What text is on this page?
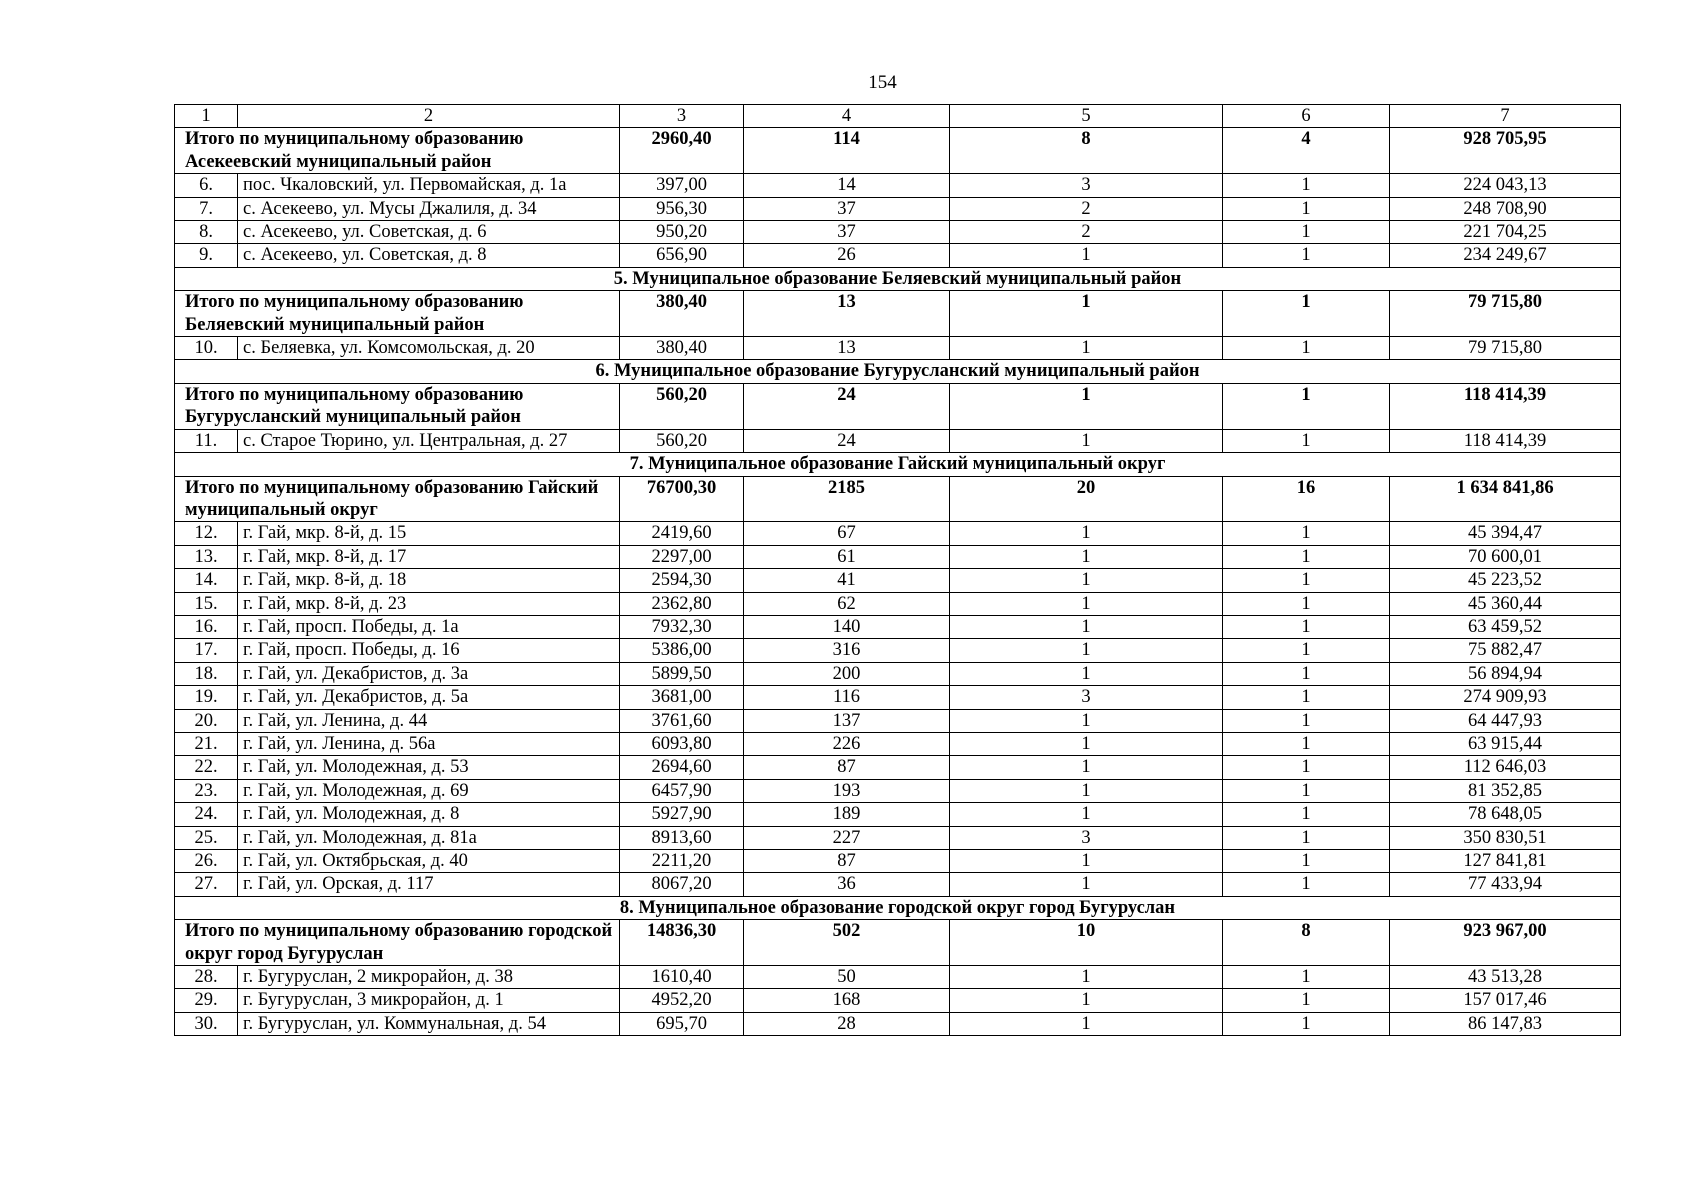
154
1	2	3	4	5	6	7
Итого по муниципальному образованию Асекеевский муниципальный район		2960,40	114	8	4	928 705,95
6.	пос. Чкаловский, ул. Первомайская, д. 1а	397,00	14	3	1	224 043,13
7.	с. Асекеево, ул. Мусы Джалиля, д. 34	956,30	37	2	1	248 708,90
8.	с. Асекеево, ул. Советская, д. 6	950,20	37	2	1	221 704,25
9.	с. Асекеево, ул. Советская, д. 8	656,90	26	1	1	234 249,67
5. Муниципальное образование Беляевский муниципальный район						
Итого по муниципальному образованию Беляевский муниципальный район		380,40	13	1	1	79 715,80
10.	с. Беляевка, ул. Комсомольская, д. 20	380,40	13	1	1	79 715,80
6. Муниципальное образование Бугурусланский муниципальный район						
Итого по муниципальному образованию Бугурусланский муниципальный район		560,20	24	1	1	118 414,39
11.	с. Старое Тюрино, ул. Центральная, д. 27	560,20	24	1	1	118 414,39
7. Муниципальное образование Гайский муниципальный округ						
Итого по муниципальному образованию Гайский муниципальный округ		76700,30	2185	20	16	1 634 841,86
12.	г. Гай, мкр. 8-й, д. 15	2419,60	67	1	1	45 394,47
13.	г. Гай, мкр. 8-й, д. 17	2297,00	61	1	1	70 600,01
14.	г. Гай, мкр. 8-й, д. 18	2594,30	41	1	1	45 223,52
15.	г. Гай, мкр. 8-й, д. 23	2362,80	62	1	1	45 360,44
16.	г. Гай, просп. Победы, д. 1а	7932,30	140	1	1	63 459,52
17.	г. Гай, просп. Победы, д. 16	5386,00	316	1	1	75 882,47
18.	г. Гай, ул. Декабристов, д. 3а	5899,50	200	1	1	56 894,94
19.	г. Гай, ул. Декабристов, д. 5а	3681,00	116	3	1	274 909,93
20.	г. Гай, ул. Ленина, д. 44	3761,60	137	1	1	64 447,93
21.	г. Гай, ул. Ленина, д. 56а	6093,80	226	1	1	63 915,44
22.	г. Гай, ул. Молодежная, д. 53	2694,60	87	1	1	112 646,03
23.	г. Гай, ул. Молодежная, д. 69	6457,90	193	1	1	81 352,85
24.	г. Гай, ул. Молодежная, д. 8	5927,90	189	1	1	78 648,05
25.	г. Гай, ул. Молодежная, д. 81а	8913,60	227	3	1	350 830,51
26.	г. Гай, ул. Октябрьская, д. 40	2211,20	87	1	1	127 841,81
27.	г. Гай, ул. Орская, д. 117	8067,20	36	1	1	77 433,94
8. Муниципальное образование городской округ город Бугуруслан						
Итого по муниципальному образованию городской округ город Бугуруслан		14836,30	502	10	8	923 967,00
28.	г. Бугуруслан, 2 микрорайон, д. 38	1610,40	50	1	1	43 513,28
29.	г. Бугуруслан, 3 микрорайон, д. 1	4952,20	168	1	1	157 017,46
30.	г. Бугуруслан, ул. Коммунальная, д. 54	695,70	28	1	1	86 147,83
